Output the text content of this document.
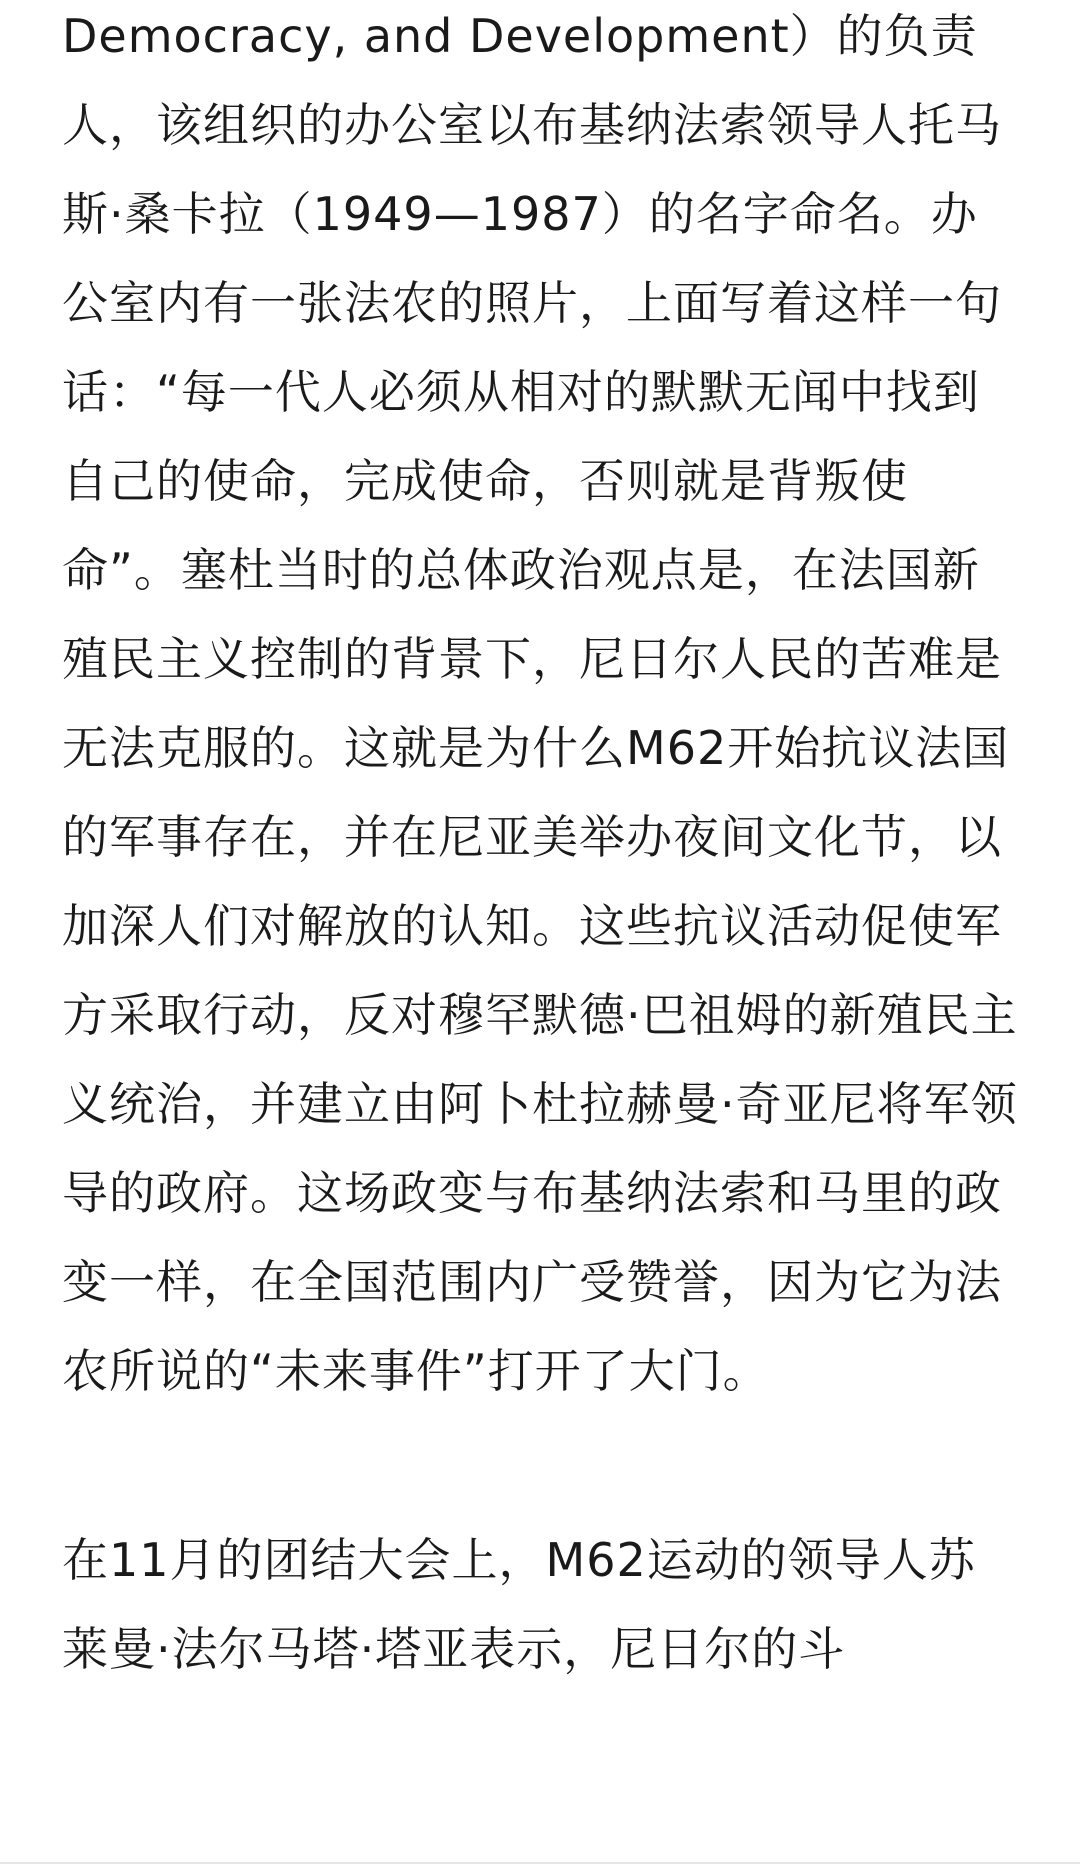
Democracy, and Development）的负责人，该组织的办公室以布基纳法索领导人托马斯·桑卡拉（1949—1987）的名字命名。办公室内有一张法农的照片，上面写着这样一句话：“每一代人必须从相对的默默无闻中找到自己的使命，完成使命，否则就是背叛使命”。塞杜当时的总体政治观点是，在法国新殖民主义控制的背景下，尼日尔人民的苦难是无法克服的。这就是为什么M62开始抗议法国的军事存在，并在尼亚美举办夜间文化节，以加深人们对解放的认知。这些抗议活动促使军方采取行动，反对穆罕默德·巴祖姆的新殖民主义统治，并建立由阿卜杜拉赫曼·奇亚尼将军领导的政府。这场政变与布基纳法索和马里的政变一样，在全国范围内广受赞誉，因为它为法农所说的“未来事件”打开了大门。

在11月的团结大会上，M62运动的领导人苏莱曼·法尔马塔·塔亚表示，尼日尔的斗
